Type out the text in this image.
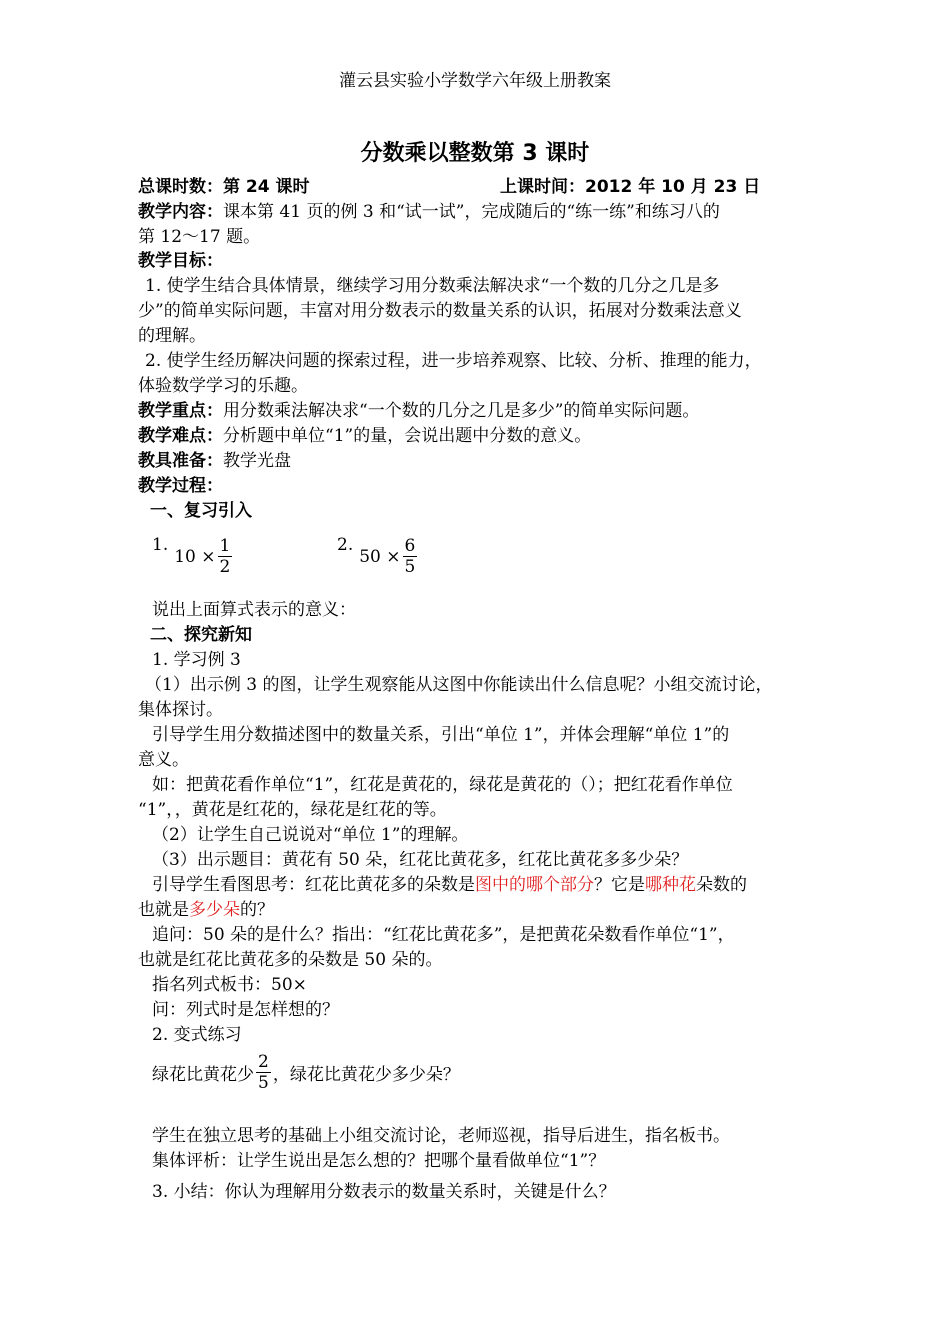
灌云县实验小学数学六年级上册教案
分数乘以整数第 3 课时
总课时数：第 24 课时	上课时间：2012 年 10 月 23 日
教学内容：课本第 41 页的例 3 和“试一试”，完成随后的“练一练”和练习八的
第 12～17 题。
教学目标：
1. 使学生结合具体情景，继续学习用分数乘法解决求“一个数的几分之几是多
少”的简单实际问题，丰富对用分数表示的数量关系的认识，拓展对分数乘法意义
的理解。
2. 使学生经历解决问题的探索过程，进一步培养观察、比较、分析、推理的能力，
体验数学学习的乐趣。
教学重点：用分数乘法解决求“一个数的几分之几是多少”的简单实际问题。
教学难点：分析题中单位“1”的量，会说出题中分数的意义。
教具准备：教学光盘
教学过程：
一、复习引入
1.
$10 \times \frac{1}{2}$	2.
$50 \times \frac{6}{5}$
说出上面算式表示的意义：
二、探究新知
1. 学习例 3
（1）出示例 3 的图，让学生观察能从这图中你能读出什么信息呢？小组交流讨论，
集体探讨。
引导学生用分数描述图中的数量关系，引出“单位 1”，并体会理解“单位 1”的
意义。
如：把黄花看作单位“1”，红花是黄花的，绿花是黄花的（）；把红花看作单位
“1”，，黄花是红花的，绿花是红花的等。
（2）让学生自己说说对“单位 1”的理解。
（3）出示题目：黄花有 50 朵，红花比黄花多，红花比黄花多多少朵？
引导学生看图思考：红花比黄花多的朵数是图中的哪个部分？它是哪种花朵数的
也就是多少朵的？
追问：50 朵的是什么？指出：“红花比黄花多”，是把黄花朵数看作单位“1”，
也就是红花比黄花多的朵数是 50 朵的。
指名列式板书：50×
问：列式时是怎样想的？
2. 变式练习
绿花比黄花少 $\frac{2}{5}$ ，绿花比黄花少多少朵？
学生在独立思考的基础上小组交流讨论，老师巡视，指导后进生，指名板书。
集体评析：让学生说出是怎么想的？把哪个量看做单位“1”？
3. 小结：你认为理解用分数表示的数量关系时，关键是什么？
